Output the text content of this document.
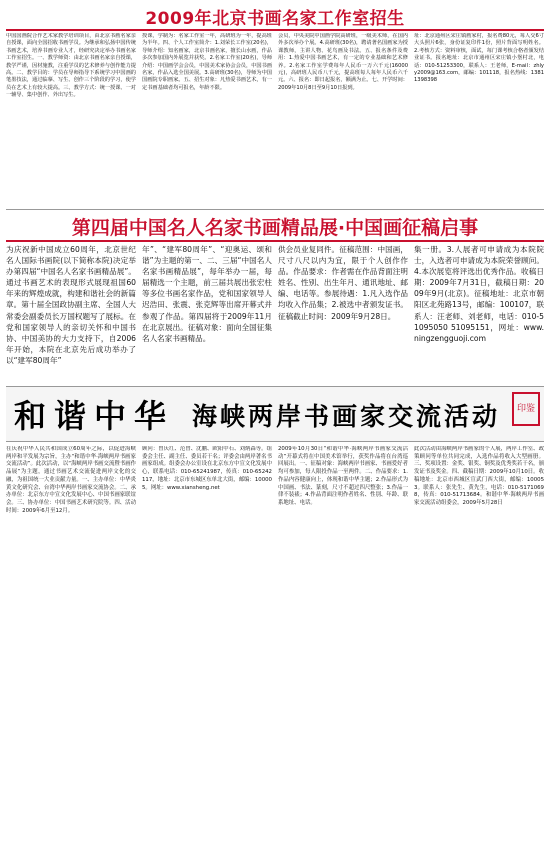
2009年北京书画名家工作室招生

中国国画院合作艺术家教学培训项目，由北京书画名家亲自授课，面向全国招收书画学员。为继承和弘扬中国传统书画艺术，培养书画专业人才，经研究决定举办书画名家工作室招生。一、教学师资：由北京书画名家亲自授课，教学严谨，因材施教，注重学员的艺术修养与创作能力提高。二、教学目的：学员在导师指导下系统学习中国画的笔墨技法，通过临摹、写生、创作三个阶段的学习，使学员在艺术上有较大提高。三、教学方式：统一授课、一对一辅导、集中创作、外出写生。

授课，学制为：名家工作室一年，高研班为一年，提高班为半年。四、个人工作室简介：1.刘荣长工作室(20名)，导师介绍：知名画家，北京书画名家，擅长山水画，作品多次参加国内外展览并获奖。2.名家工作室(20名)，导师介绍：中国画学会会员，中国美术家协会会员，中国书画名家，作品入选全国美展。3.高研班(30名)，导师为中国国画院专职画家。五、招生对象：凡热爱书画艺术，有一定书画基础者均可报名，年龄不限。

会员，中央美院中国画学院高研班，一级美术师，在国内外多次举办个展。4.高研班(30名)，聘请著名国画家为授课教师，主讲人物、花鸟画及书法。五、报名条件及费用：1.热爱中国书画艺术，有一定的专业基础和艺术修养。2.名家工作室学费每年人民币一万六千元(16000元)，高研班人民币八千元，提高班每人每年人民币六千元。六、报名：即日起报名，额满为止。七、开学时间：2009年10月8日至9月10日报到。

址：北京通州区宋庄镇画家村，报名费80元，每人交6寸大头照片6张，身份证复印件1份，照片背面写明姓名。2.考核方式：资料审核，面试，每门课考核合格者颁发结业证书。报名地址：北京市通州区宋庄镇小堡村北，电话：010-51253300，联系人：王老师，E-mail：zhlyy2009@163.com，邮编：101118，报名热线：13811398398

第四届中国名人名家书画精品展·中国画征稿启事

为庆祝新中国成立60周年，北京世纪名人国际书画院(以下简称本院)决定举办第四届“中国名人名家书画精品展”。通过书画艺术的表现形式展现祖国60年来的辉煌成就，构建和谐社会的新篇章。第十届全国政协副主席、全国人大常委会副委员长万国权题写了展标。在党和国家领导人的亲切关怀和中国书协、中国美协的大力支持下，自2006年开始，本院在北京先后成功举办了以“建军80周年”

年”、“建军80周年”、“迎奥运、颂和谐”为主题的第一、二、三届“中国名人名家书画精品展”，每年举办一届，每届精选一个主题，前三届共展出张宏柱等多位书画名家作品，党和国家领导人迟浩田、张震、张克辉等出席开幕式并参观了作品。第四届将于2009年11月在北京展出。征稿对象：面向全国征集名人名家书画精品。

供会员业复同件。征稿范围：中国画，尺寸八尺以内为宜，限于个人创作作品。作品要求：作者需在作品背面注明姓名、性别、出生年月、通讯地址、邮编、电话等。参展待遇：1.凡入选作品均收入作品集；2.被选中者颁发证书。征稿截止时间：2009年9月28日。

集一册。3.人展者可申请成为本院院士，入选者可申请成为本院荣誉顾问。4.本次展览将评选出优秀作品。收稿日期：2009年7月31日，截稿日期：2009年9月(北京)。征稿地址：北京市朝阳区北苑路13号，邮编：100107，联系人：汪老师、刘老师，电话：010-51095050 51095151，网址：www.ningzengguoji.com

和谐中华 海峡两岸书画家交流活动	印鉴

在庆祝中华人民共和国成立60周年之际，以促进海峡两岸和平发展为宗旨，主办“和谐中华·海峡两岸书画家交流活动”。此次活动，以“海峡两岸书画交流暨书画作品展”为主题，通过书画艺术交流促进两岸文化的交融，为祖国统一大业贡献力量。一、主办单位：中华炎黄文化研究会、台湾中华两岸书画家交流协会。二、承办单位：北京东方中宣文化发展中心、中国书画家联谊会。三、协办单位：中国书画艺术研究院等。四、活动时间：2009年6月至12月。

顾问：曾庆红、范曾、沈鹏、欧阳中石、刘炳森等。组委会主任、副主任、委员若干名；评委会由两岸著名书画家组成。组委会办公室设在北京东方中宣文化发展中心，联系电话：010-65241987，传真：010-65242117，地址：北京市东城区东单北大街，邮编：100005。网址：www.xiansheng.net

2009年10月30日“和谐中华·海峡两岸书画家交流活动”开幕式将在中国美术馆举行，获奖作品将在台湾巡回展出。一、征稿对象：海峡两岸书画家、书画爱好者均可参加，每人限投作品一至两件。二、作品要求：1.作品内容健康向上，体现和谐中华主题；2.作品形式为中国画、书法、篆刻，尺寸不超过四尺整张；3.作品一律不装裱；4.作品背面注明作者姓名、性别、年龄、联系地址、电话。

此次活动由海峡两岸书画家的个人展，两岸工作室、政策顾问等单位共同完成，入选作品将收入大型画册。三、奖项设置：金奖、银奖、铜奖及优秀奖若干名，颁发证书及奖金。四、截稿日期：2009年10月10日。收稿地址：北京市西城区宣武门西大街，邮编：100053。联系人：张先生、黄先生，电话：010-51710698，传真：010-51713684。和谐中华·海峡两岸书画家交流活动组委会，2009年5月28日
